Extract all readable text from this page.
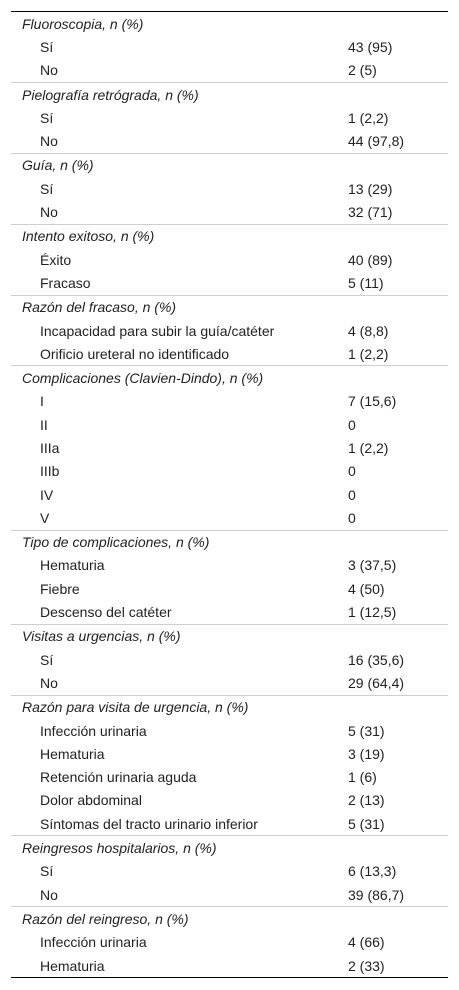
Fluoroscopia, n (%)	
Sí	43 (95)
No	2 (5)
Pielografía retrógrada, n (%)	
Sí	1 (2,2)
No	44 (97,8)
Guía, n (%)	
Sí	13 (29)
No	32 (71)
Intento exitoso, n (%)	
Éxito	40 (89)
Fracaso	5 (11)
Razón del fracaso, n (%)	
Incapacidad para subir la guía/catéter	4 (8,8)
Orificio ureteral no identificado	1 (2,2)
Complicaciones (Clavien-Dindo), n (%)	
I	7 (15,6)
II	0
IIIa	1 (2,2)
IIIb	0
IV	0
V	0
Tipo de complicaciones, n (%)	
Hematuria	3 (37,5)
Fiebre	4 (50)
Descenso del catéter	1 (12,5)
Visitas a urgencias, n (%)	
Sí	16 (35,6)
No	29 (64,4)
Razón para visita de urgencia, n (%)	
Infección urinaria	5 (31)
Hematuria	3 (19)
Retención urinaria aguda	1 (6)
Dolor abdominal	2 (13)
Síntomas del tracto urinario inferior	5 (31)
Reingresos hospitalarios, n (%)	
Sí	6 (13,3)
No	39 (86,7)
Razón del reingreso, n (%)	
Infección urinaria	4 (66)
Hematuria	2 (33)
